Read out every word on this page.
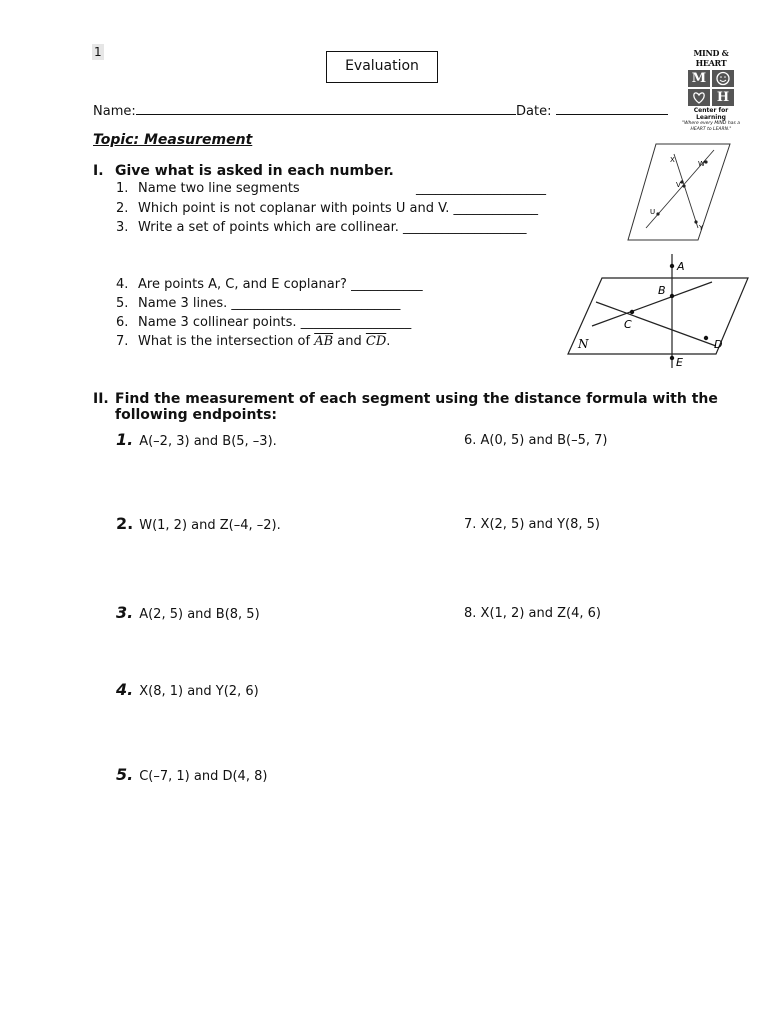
1
Evaluation
MIND & HEART
M
H
Center for Learning
"Where every MIND has a HEART to LEARN."
Name:	Date:
Topic: Measurement
I. Give what is asked in each number.
1. Name two line segments	____________________
2. Which point is not coplanar with points U and V. _____________
3. Write a set of points which are collinear. ___________________
4. Are points A, C, and E coplanar? ___________
5. Name 3 lines. __________________________
6. Name 3 collinear points. _________________
7. What is the intersection of $\overline{AB}$ and $\overline{CD}$.
X	W
V
U
Y
A
B
C
D
E
N
II. Find the measurement of each segment using the distance formula with the
following endpoints:
1. A(–2, 3) and B(5, –3).
2. W(1, 2) and Z(–4, –2).
3. A(2, 5) and B(8, 5)
4. X(8, 1) and Y(2, 6)
5. C(–7, 1) and D(4, 8)
6. A(0, 5) and B(–5, 7)
7. X(2, 5) and Y(8, 5)
8. X(1, 2) and Z(4, 6)
